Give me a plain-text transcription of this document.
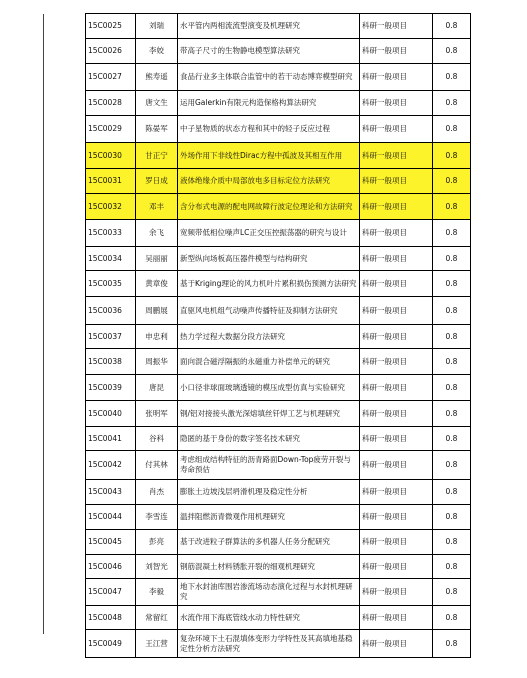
15C0025	刘瑞	水平管内两相流流型演变及机理研究	科研一般项目	0.8
15C0026	李姣	带高子尺寸的生物静电模型算法研究	科研一般项目	0.8
15C0027	熊寿遥	食品行业多主体联合监管中的若干动态博弈模型研究	科研一般项目	0.8
15C0028	唐文生	运用Galerkin有限元构造保格构算法研究	科研一般项目	0.8
15C0029	陈晏军	中子星物质的状态方程和其中的轻子反应过程	科研一般项目	0.8
15C0030	甘正宁	外场作用下非线性Dirac方程中孤波及其相互作用	科研一般项目	0.8
15C0031	罗日成	液体绝缘介质中局部放电多目标定位方法研究	科研一般项目	0.8
15C0032	邓丰	含分布式电源的配电网故障行波定位理论和方法研究	科研一般项目	0.8
15C0033	余飞	宽频带低相位噪声LC正交压控振荡器的研究与设计	科研一般项目	0.8
15C0034	吴丽丽	新型纵向场板高压器件模型与结构研究	科研一般项目	0.8
15C0035	黄章俊	基于Kriging理论的风力机叶片累积损伤预测方法研究	科研一般项目	0.8
15C0036	周鹏展	直驱风电机组气动噪声传播特征及抑制方法研究	科研一般项目	0.8
15C0037	申忠利	热力学过程大数据分段方法研究	科研一般项目	0.8
15C0038	周振华	面向混合磁浮隔振的永磁重力补偿单元的研究	科研一般项目	0.8
15C0039	唐昆	小口径非球面玻璃透镜的模压成型仿真与实验研究	科研一般项目	0.8
15C0040	张明军	钢/铝对接接头激光深熔填丝钎焊工艺与机理研究	科研一般项目	0.8
15C0041	谷科	隐匿的基于身份的数字签名技术研究	科研一般项目	0.8
15C0042	付其林	考虑组成结构特征的沥青路面Down-Top疲劳开裂与寿命预估	科研一般项目	0.8
15C0043	肖杰	膨胀土边坡浅层坍滑机理及稳定性分析	科研一般项目	0.8
15C0044	李雪连	温拌阻燃沥青微观作用机理研究	科研一般项目	0.8
15C0045	彭亮	基于改进粒子群算法的多机器人任务分配研究	科研一般项目	0.8
15C0046	刘智光	钢筋混凝土材料锈胀开裂的细观机理研究	科研一般项目	0.8
15C0047	李毅	地下水封油库围岩渗流场动态演化过程与水封机理研究	科研一般项目	0.8
15C0048	常留红	水流作用下海底管线水动力特性研究	科研一般项目	0.8
15C0049	王江营	复杂环境下土石混填体变形力学特性及其高填地基稳定性分析方法研究	科研一般项目	0.8
